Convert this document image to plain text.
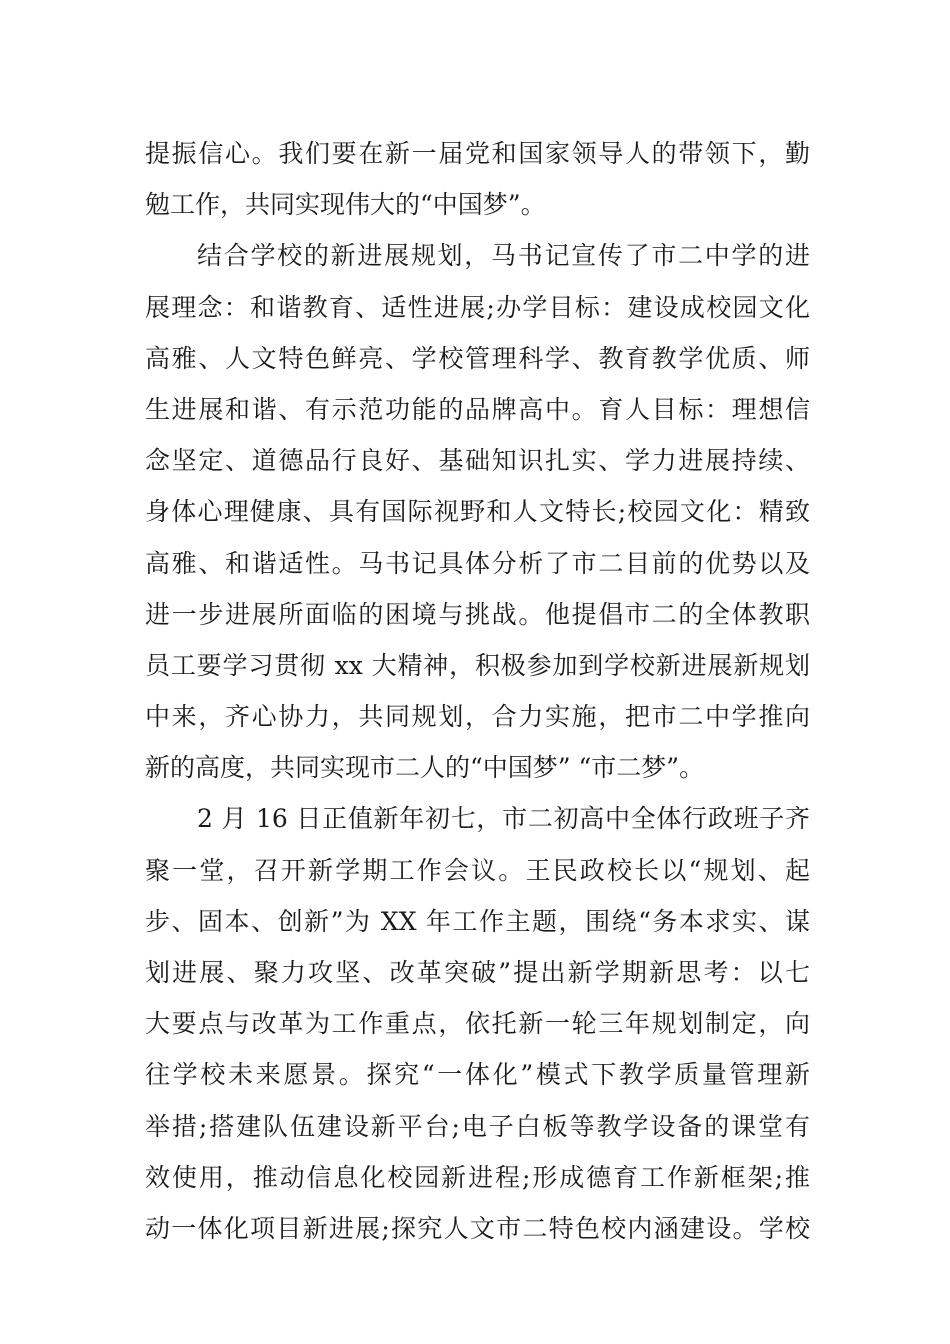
提振信心。我们要在新一届党和国家领导人的带领下，勤
勉工作，共同实现伟大的“中国梦”。
结合学校的新进展规划，马书记宣传了市二中学的进
展理念：和谐教育、适性进展;办学目标：建设成校园文化
高雅、人文特色鲜亮、学校管理科学、教育教学优质、师
生进展和谐、有示范功能的品牌高中。育人目标：理想信
念坚定、道德品行良好、基础知识扎实、学力进展持续、
身体心理健康、具有国际视野和人文特长;校园文化：精致
高雅、和谐适性。马书记具体分析了市二目前的优势以及
进一步进展所面临的困境与挑战。他提倡市二的全体教职
员工要学习贯彻 xx 大精神，积极参加到学校新进展新规划
中来，齐心协力，共同规划，合力实施，把市二中学推向
新的高度，共同实现市二人的“中国梦” “市二梦”。
2 月 16 日正值新年初七，市二初高中全体行政班子齐
聚一堂，召开新学期工作会议。王民政校长以“规划、起
步、固本、创新”为 XX 年工作主题，围绕“务本求实、谋
划进展、聚力攻坚、改革突破”提出新学期新思考：以七
大要点与改革为工作重点，依托新一轮三年规划制定，向
往学校未来愿景。探究“一体化”模式下教学质量管理新
举措;搭建队伍建设新平台;电子白板等教学设备的课堂有
效使用，推动信息化校园新进程;形成德育工作新框架;推
动一体化项目新进展;探究人文市二特色校内涵建设。学校
